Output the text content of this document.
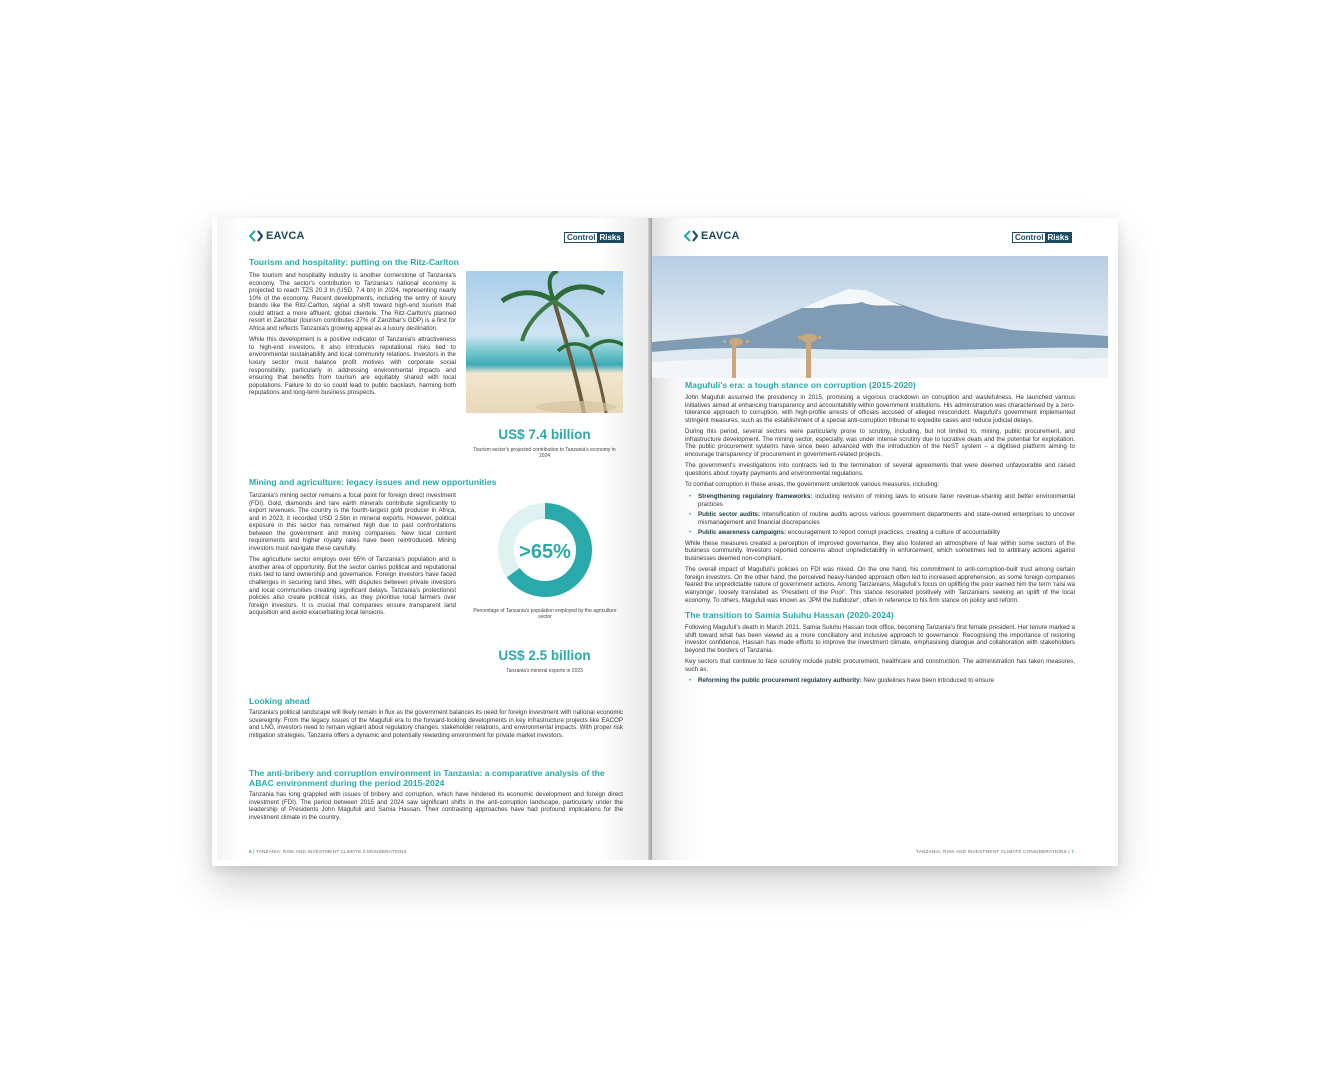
EAVCA	Control Risks
Tourism and hospitality: putting on the Ritz-Carlton

The tourism and hospitality industry is another cornerstone of Tanzania's economy. The sector's contribution to Tanzania's national economy is projected to reach TZS 20.3 tn (USD. 7.4 bn) in 2024, representing nearly 10% of the economy. Recent developments, including the entry of luxury brands like the Ritz-Carlton, signal a shift toward high-end tourism that could attract a more affluent, global clientele. The Ritz-Carlton's planned resort in Zanzibar (tourism contributes 27% of Zanzibar's GDP) is a first for Africa and reflects Tanzania's growing appeal as a luxury destination.

While this development is a positive indicator of Tanzania's attractiveness to high-end investors, it also introduces reputational risks tied to environmental sustainability and local community relations. Investors in the luxury sector must balance profit motives with corporate social responsibility, particularly in addressing environmental impacts and ensuring that benefits from tourism are equitably shared with local populations. Failure to do so could lead to public backlash, harming both reputations and long-term business prospects.

US$ 7.4 billion
Tourism sector's projected contribution to Tanzania's economy in 2024
Mining and agriculture: legacy issues and new opportunities

Tanzania's mining sector remains a focal point for foreign direct investment (FDI). Gold, diamonds and rare earth minerals contribute significantly to export revenues. The country is the fourth-largest gold producer in Africa, and in 2023, it recorded USD 2.5bn in mineral exports. However, political exposure in this sector has remained high due to past confrontations between the government and mining companies. New local content requirements and higher royalty rates have been reintroduced. Mining investors must navigate these carefully.

The agriculture sector employs over 65% of Tanzania's population and is another area of opportunity. But the sector carries political and reputational risks tied to land ownership and governance. Foreign investors have faced challenges in securing land titles, with disputes between private investors and local communities creating significant delays. Tanzania's protectionist policies also create political risks, as they prioritise local farmers over foreign investors. It is crucial that companies ensure transparent land acquisition and avoid exacerbating local tensions.

>65%
Percentage of Tanzania's population employed by the agriculture sector
US$ 2.5 billion
Tanzania's mineral exports in 2023
Looking ahead

Tanzania's political landscape will likely remain in flux as the government balances its need for foreign investment with national economic sovereignty. From the legacy issues of the Magufuli era to the forward-looking developments in key infrastructure projects like EACOP and LNG, investors need to remain vigilant about regulatory changes, stakeholder relations, and environmental impacts. With proper risk mitigation strategies, Tanzania offers a dynamic and potentially rewarding environment for private market investors.

The anti-bribery and corruption environment in Tanzania: a comparative analysis of the ABAC environment during the period 2015-2024

Tanzania has long grappled with issues of bribery and corruption, which have hindered its economic development and foreign direct investment (FDI). The period between 2015 and 2024 saw significant shifts in the anti-corruption landscape, particularly under the leadership of Presidents John Magufuli and Samia Hassan. Their contrasting approaches have had profound implications for the investment climate in the country.

6 | TANZANIA: RISK AND INVESTMENT CLIMATE CONSIDERATIONS
EAVCA	Control Risks
Magufuli's era: a tough stance on corruption (2015-2020)

John Magufuli assumed the presidency in 2015, promising a vigorous crackdown on corruption and wastefulness. He launched various initiatives aimed at enhancing transparency and accountability within government institutions. His administration was characterised by a zero-tolerance approach to corruption, with high-profile arrests of officials accused of alleged misconduct. Magufuli's government implemented stringent measures, such as the establishment of a special anti-corruption tribunal to expedite cases and reduce judicial delays.

During this period, several sectors were particularly prone to scrutiny, including, but not limited to, mining, public procurement, and infrastructure development. The mining sector, especially, was under intense scrutiny due to lucrative deals and the potential for exploitation. The public procurement systems have since been advanced with the introduction of the NeST system – a digitised platform aiming to encourage transparency of procurement in government-related projects.

The government's investigations into contracts led to the termination of several agreements that were deemed unfavourable and raised questions about royalty payments and environmental regulations.

To combat corruption in these areas, the government undertook various measures, including:

• Strengthening regulatory frameworks: including revision of mining laws to ensure fairer revenue-sharing and better environmental practices
• Public sector audits: intensification of routine audits across various government departments and state-owned enterprises to uncover mismanagement and financial discrepancies
• Public awareness campaigns: encouragement to report corrupt practices, creating a culture of accountability

While these measures created a perception of improved governance, they also fostered an atmosphere of fear within some sectors of the business community. Investors reported concerns about unpredictability in enforcement, which sometimes led to arbitrary actions against businesses deemed non-compliant.

The overall impact of Magufuli's policies on FDI was mixed. On the one hand, his commitment to anti-corruption-built trust among certain foreign investors. On the other hand, the perceived heavy-handed approach often led to increased apprehension, as some foreign companies feared the unpredictable nature of government actions. Among Tanzanians, Magufuli's focus on uplifting the poor earned him the term 'raisi wa wanyonge', loosely translated as 'President of the Poor'. This stance resonated positively with Tanzanians seeking an uplift of the local economy. To others, Magufuli was known as 'JPM the bulldozer', often in reference to his firm stance on policy and reform.

The transition to Samia Suluhu Hassan (2020-2024)

Following Magufuli's death in March 2021, Samia Suluhu Hassan took office, becoming Tanzania's first female president. Her tenure marked a shift toward what has been viewed as a more conciliatory and inclusive approach to governance. Recognising the importance of restoring investor confidence, Hassan has made efforts to improve the investment climate, emphasising dialogue and collaboration with stakeholders beyond the borders of Tanzania.

Key sectors that continue to face scrutiny include public procurement, healthcare and construction. The administration has taken measures, such as:

• Reforming the public procurement regulatory authority: New guidelines have been introduced to ensure
TANZANIA: RISK AND INVESTMENT CLIMATE CONSIDERATIONS | 7
